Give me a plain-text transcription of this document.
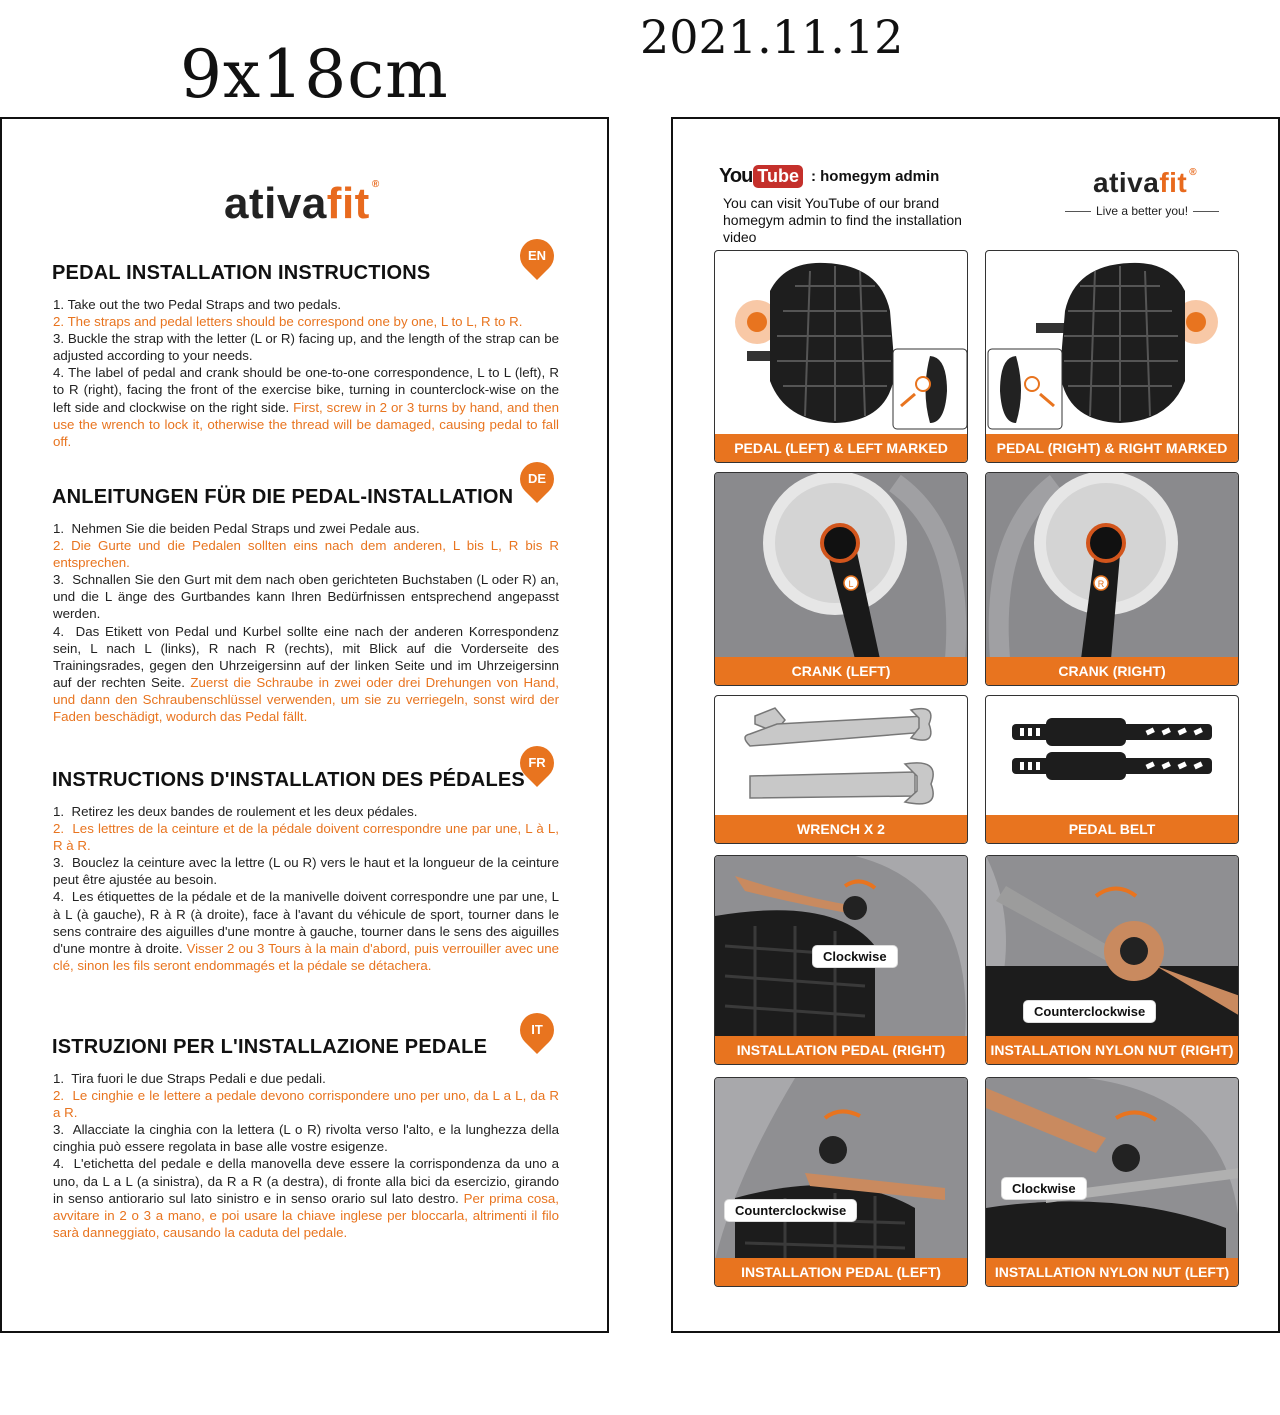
9x18cm	2021.11.12
ativafit ®
EN
PEDAL INSTALLATION INSTRUCTIONS

1. Take out the two Pedal Straps and two pedals.

2. The straps and pedal letters should be correspond one by one, L to L, R to R.

3. Buckle the strap with the letter (L or R) facing up, and the length of the strap can be adjusted according to your needs.

4. The label of pedal and crank should be one-to-one correspondence, L to L (left), R to R (right), facing the front of the exercise bike, turning in counterclock-wise on the left side and clockwise on the right side. First, screw in 2 or 3 turns by hand, and then use the wrench to lock it, otherwise the thread will be damaged, causing pedal to fall off.

DE
ANLEITUNGEN FÜR DIE PEDAL-INSTALLATION

1. Nehmen Sie die beiden Pedal Straps und zwei Pedale aus.

2. Die Gurte und die Pedalen sollten eins nach dem anderen, L bis L, R bis R entsprechen.

3. Schnallen Sie den Gurt mit dem nach oben gerichteten Buchstaben (L oder R) an, und die L änge des Gurtbandes kann Ihren Bedürfnissen entsprechend angepasst werden.

4. Das Etikett von Pedal und Kurbel sollte eine nach der anderen Korrespondenz sein, L nach L (links), R nach R (rechts), mit Blick auf die Vorderseite des Trainingsrades, gegen den Uhrzeigersinn auf der linken Seite und im Uhrzeigersinn auf der rechten Seite. Zuerst die Schraube in zwei oder drei Drehungen von Hand, und dann den Schraubenschlüssel verwenden, um sie zu verriegeln, sonst wird der Faden beschädigt, wodurch das Pedal fällt.

FR
INSTRUCTIONS D'INSTALLATION DES PÉDALES

1. Retirez les deux bandes de roulement et les deux pédales.

2. Les lettres de la ceinture et de la pédale doivent correspondre une par une, L à L, R à R.

3. Bouclez la ceinture avec la lettre (L ou R) vers le haut et la longueur de la ceinture peut être ajustée au besoin.

4. Les étiquettes de la pédale et de la manivelle doivent correspondre une par une, L à L (à gauche), R à R (à droite), face à l'avant du véhicule de sport, tourner dans le sens contraire des aiguilles d'une montre à gauche, tourner dans le sens des aiguilles d'une montre à droite. Visser 2 ou 3 Tours à la main d'abord, puis verrouiller avec une clé, sinon les fils seront endommagés et la pédale se détachera.

IT
ISTRUZIONI PER L'INSTALLAZIONE PEDALE

1. Tira fuori le due Straps Pedali e due pedali.

2. Le cinghie e le lettere a pedale devono corrispondere uno per uno, da L a L, da R a R.

3. Allacciate la cinghia con la lettera (L o R) rivolta verso l'alto, e la lunghezza della cinghia può essere regolata in base alle vostre esigenze.

4. L'etichetta del pedale e della manovella deve essere la corrispondenza da uno a uno, da L a L (a sinistra), da R a R (a destra), di fronte alla bici da esercizio, girando in senso antiorario sul lato sinistro e in senso orario sul lato destro. Per prima cosa, avvitare in 2 o 3 a mano, e poi usare la chiave inglese per bloccarla, altrimenti il filo sarà danneggiato, causando la caduta del pedale.

You Tube : homegym admin
You can visit YouTube of our brand homegym admin to find the installation video
ativafit ®
Live a better you!
PEDAL (LEFT) & LEFT MARKED	PEDAL (RIGHT) & RIGHT MARKED
L
CRANK (LEFT)
R
CRANK (RIGHT)
WRENCH X 2	PEDAL BELT
Clockwise
INSTALLATION PEDAL (RIGHT)
Counterclockwise
INSTALLATION NYLON NUT (RIGHT)
Counterclockwise
INSTALLATION PEDAL (LEFT)
Clockwise
INSTALLATION NYLON NUT (LEFT)
